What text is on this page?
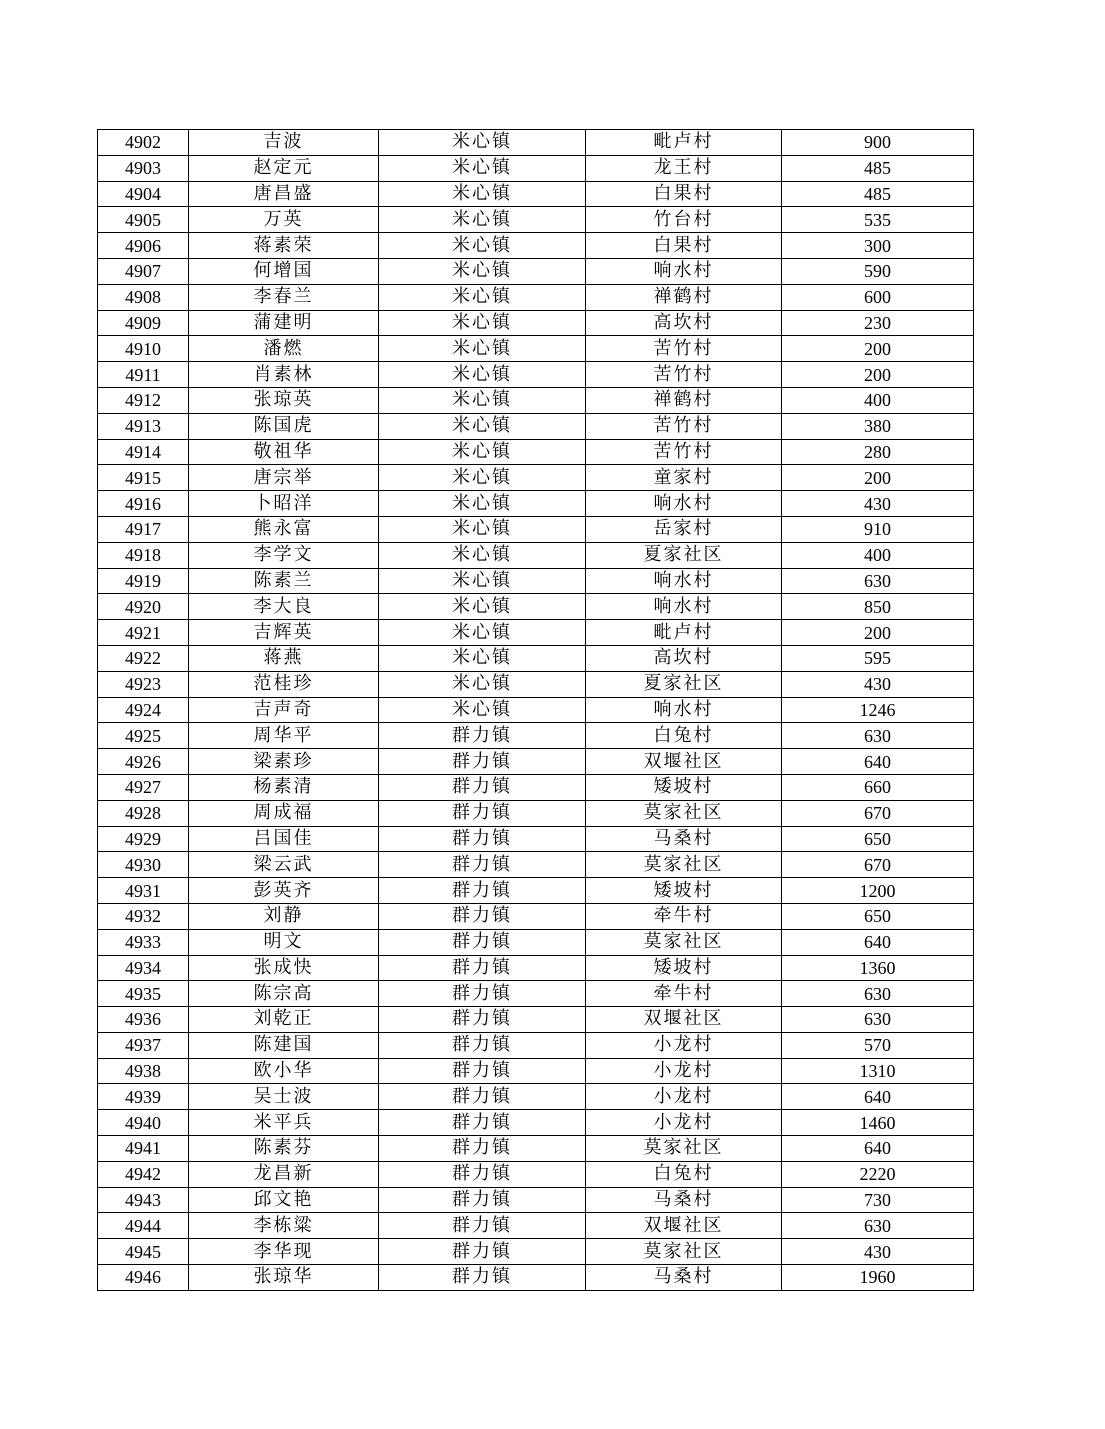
4902	吉波	米心镇	毗卢村	900
4903	赵定元	米心镇	龙王村	485
4904	唐昌盛	米心镇	白果村	485
4905	万英	米心镇	竹台村	535
4906	蒋素荣	米心镇	白果村	300
4907	何增国	米心镇	响水村	590
4908	李春兰	米心镇	禅鹤村	600
4909	蒲建明	米心镇	高坎村	230
4910	潘燃	米心镇	苦竹村	200
4911	肖素林	米心镇	苦竹村	200
4912	张琼英	米心镇	禅鹤村	400
4913	陈国虎	米心镇	苦竹村	380
4914	敬祖华	米心镇	苦竹村	280
4915	唐宗举	米心镇	童家村	200
4916	卜昭洋	米心镇	响水村	430
4917	熊永富	米心镇	岳家村	910
4918	李学文	米心镇	夏家社区	400
4919	陈素兰	米心镇	响水村	630
4920	李大良	米心镇	响水村	850
4921	吉辉英	米心镇	毗卢村	200
4922	蒋燕	米心镇	高坎村	595
4923	范桂珍	米心镇	夏家社区	430
4924	吉声奇	米心镇	响水村	1246
4925	周华平	群力镇	白兔村	630
4926	梁素珍	群力镇	双堰社区	640
4927	杨素清	群力镇	矮坡村	660
4928	周成福	群力镇	莫家社区	670
4929	吕国佳	群力镇	马桑村	650
4930	梁云武	群力镇	莫家社区	670
4931	彭英齐	群力镇	矮坡村	1200
4932	刘静	群力镇	牵牛村	650
4933	明文	群力镇	莫家社区	640
4934	张成快	群力镇	矮坡村	1360
4935	陈宗高	群力镇	牵牛村	630
4936	刘乾正	群力镇	双堰社区	630
4937	陈建国	群力镇	小龙村	570
4938	欧小华	群力镇	小龙村	1310
4939	吴士波	群力镇	小龙村	640
4940	米平兵	群力镇	小龙村	1460
4941	陈素芬	群力镇	莫家社区	640
4942	龙昌新	群力镇	白兔村	2220
4943	邱文艳	群力镇	马桑村	730
4944	李栋粱	群力镇	双堰社区	630
4945	李华现	群力镇	莫家社区	430
4946	张琼华	群力镇	马桑村	1960
